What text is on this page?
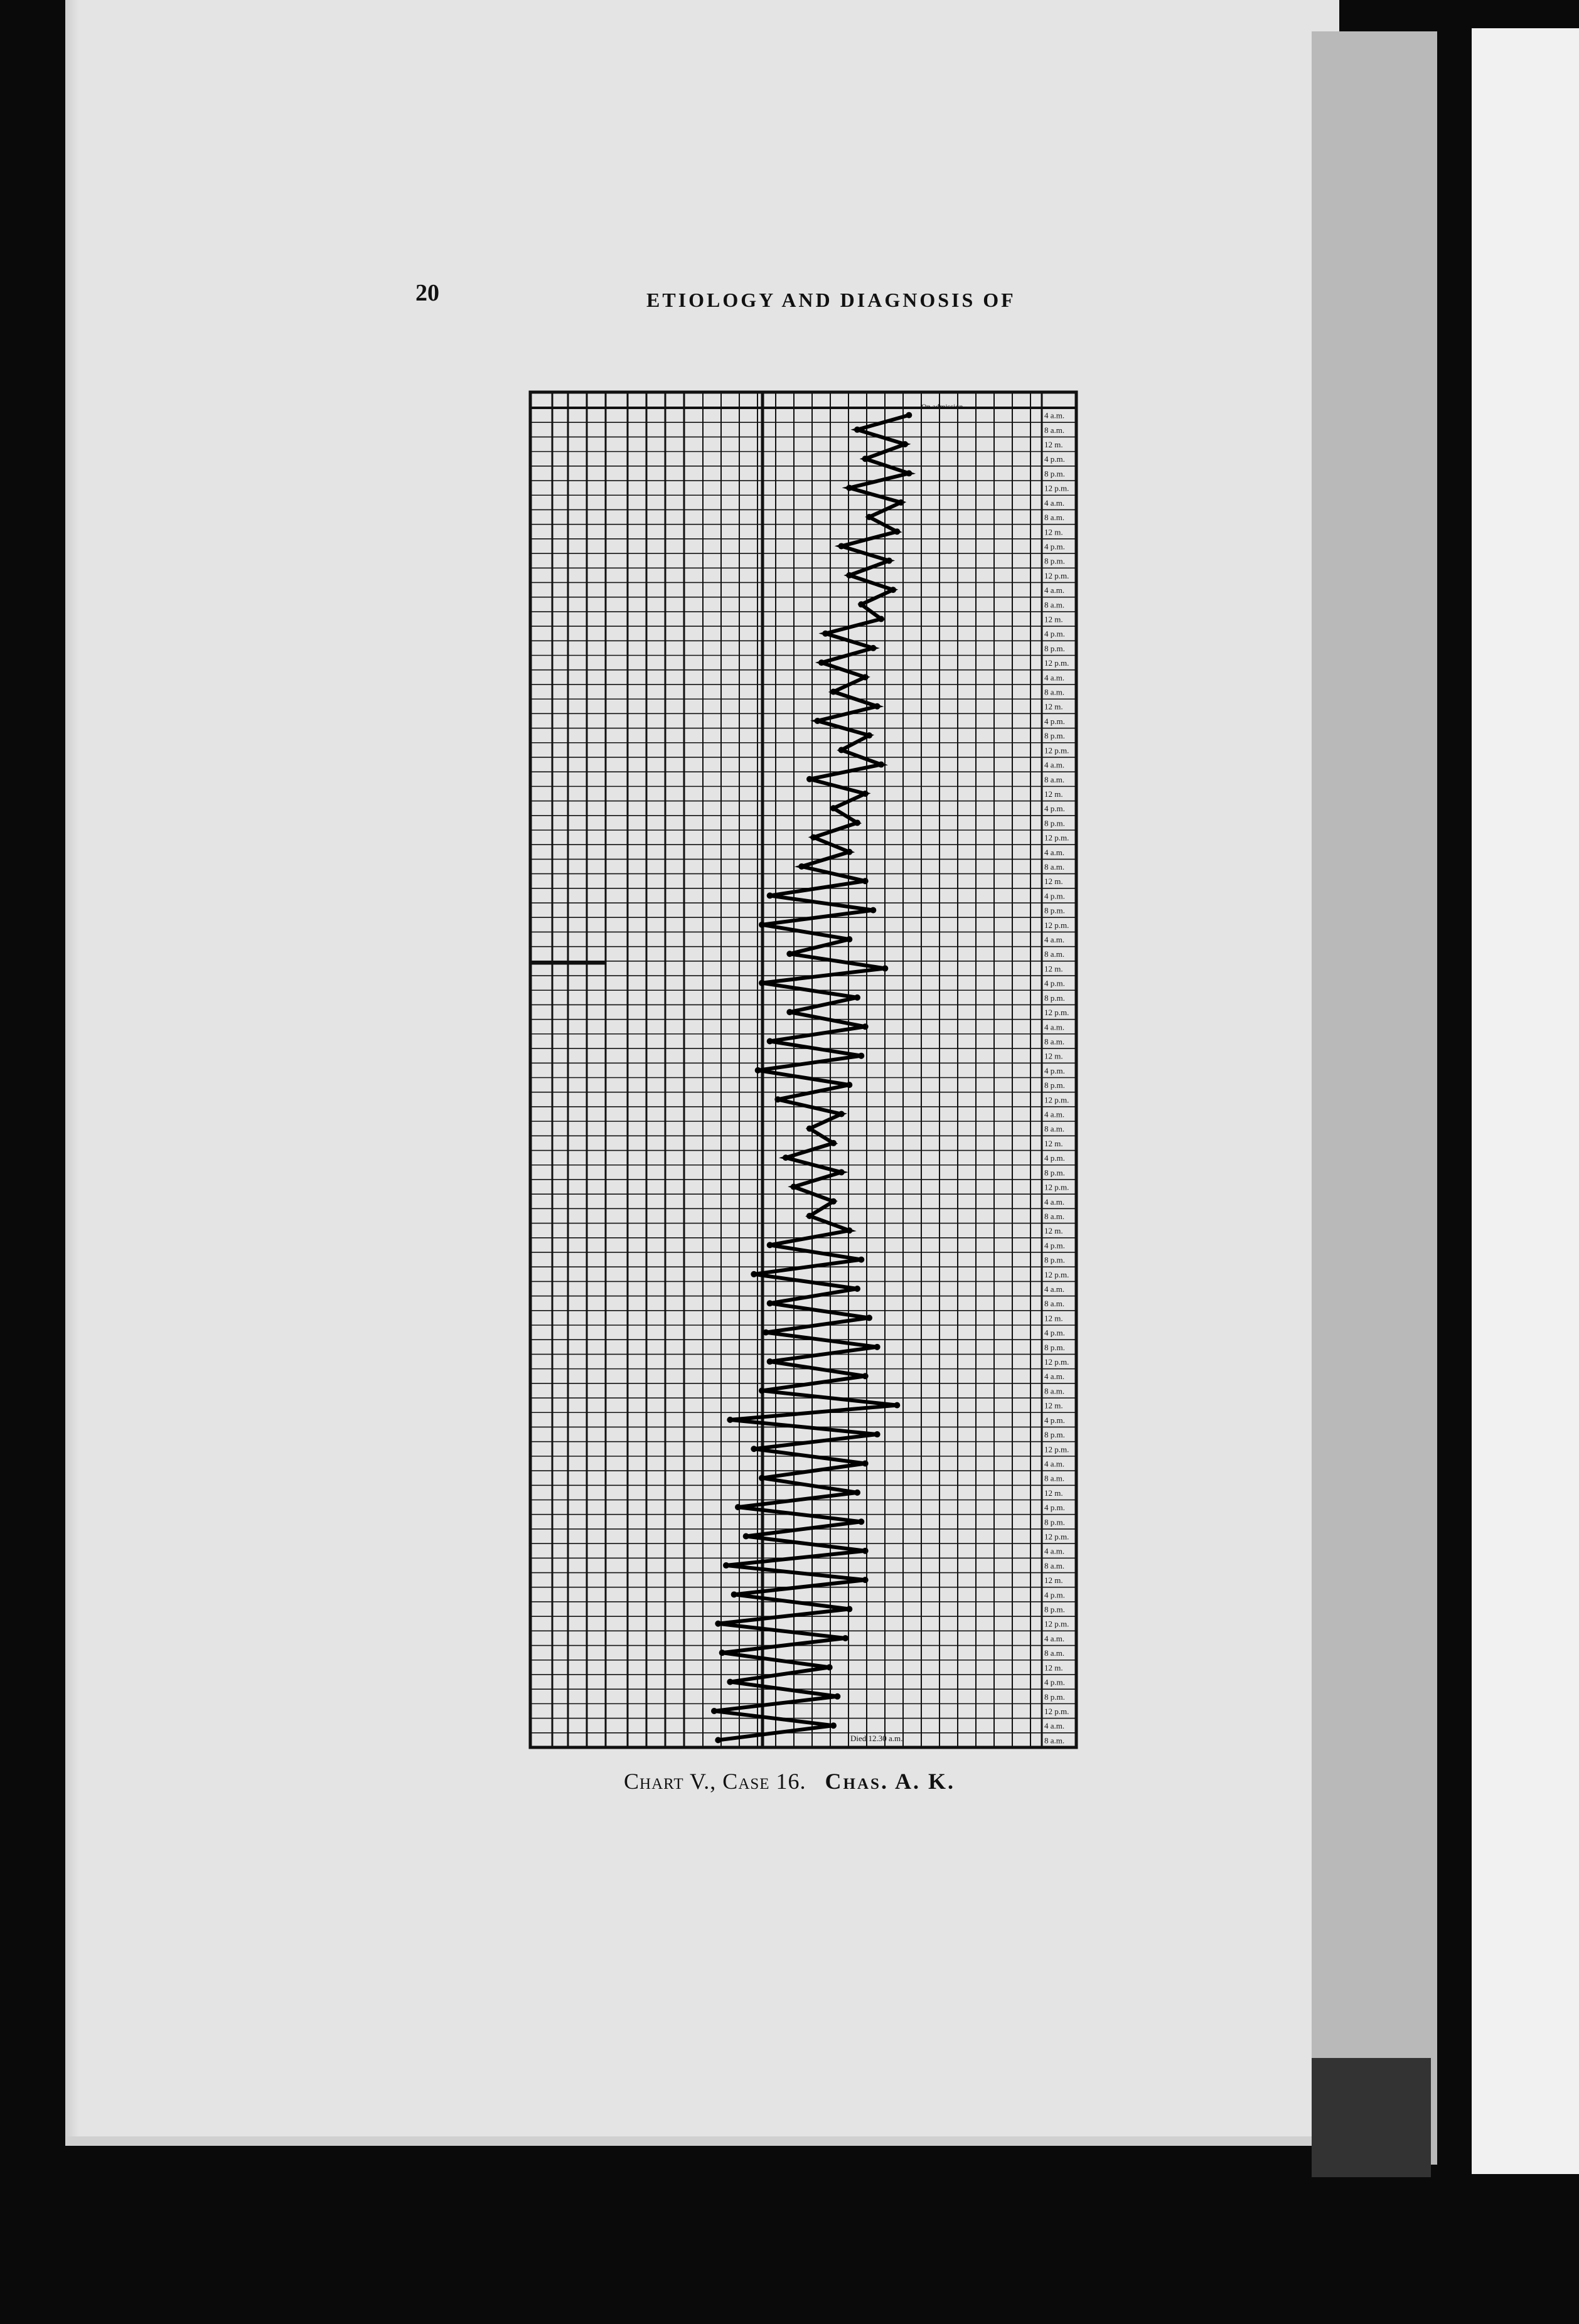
20	ETIOLOGY AND DIAGNOSIS OF
4 a.m.
8 a.m.
12 m.
4 p.m.
8 p.m.
12 p.m.
4 a.m.
8 a.m.
12 m.
4 p.m.
8 p.m.
12 p.m.
4 a.m.
8 a.m.
12 m.
4 p.m.
8 p.m.
12 p.m.
4 a.m.
8 a.m.
12 m.
4 p.m.
8 p.m.
12 p.m.
4 a.m.
8 a.m.
12 m.
4 p.m.
8 p.m.
12 p.m.
4 a.m.
8 a.m.
12 m.
4 p.m.
8 p.m.
12 p.m.
4 a.m.
8 a.m.
12 m.
4 p.m.
8 p.m.
12 p.m.
4 a.m.
8 a.m.
12 m.
4 p.m.
8 p.m.
12 p.m.
4 a.m.
8 a.m.
12 m.
4 p.m.
8 p.m.
12 p.m.
4 a.m.
8 a.m.
12 m.
4 p.m.
8 p.m.
12 p.m.
4 a.m.
8 a.m.
12 m.
4 p.m.
8 p.m.
12 p.m.
4 a.m.
8 a.m.
12 m.
4 p.m.
8 p.m.
12 p.m.
4 a.m.
8 a.m.
12 m.
4 p.m.
8 p.m.
12 p.m.
4 a.m.
8 a.m.
12 m.
4 p.m.
8 p.m.
12 p.m.
4 a.m.
8 a.m.
12 m.
4 p.m.
8 p.m.
12 p.m.
4 a.m.
8 a.m.
On admission
Died 12.30 a.m.
Chart V., Case 16. Chas. A. K.
